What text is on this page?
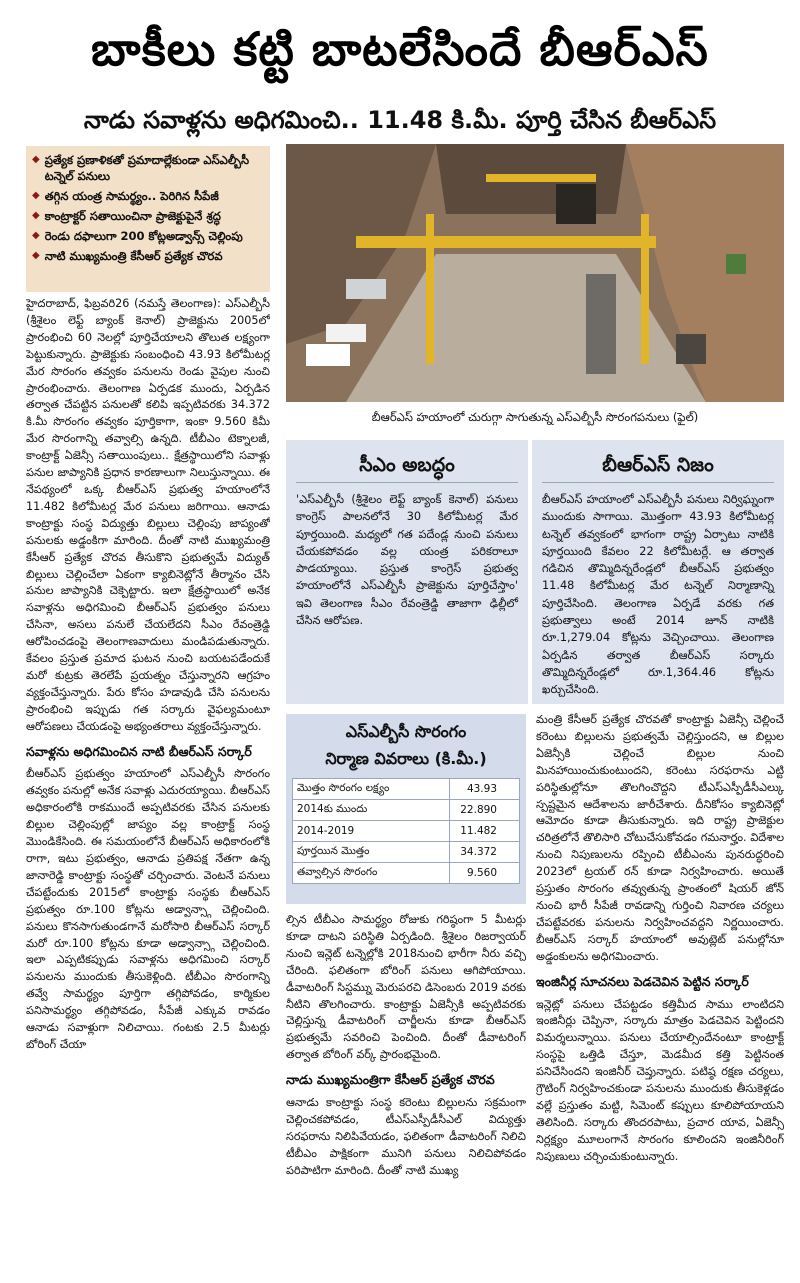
బాకీలు కట్టి బాటలేసిందే బీఆర్ఎస్
నాడు సవాళ్లను అధిగమించి.. 11.48 కి.మీ. పూర్తి చేసిన బీఆర్ఎస్
◆ ప్రత్యేక ప్రణాళికతో ప్రమాదాల్లేకుండా ఎస్ఎల్బీసీ టన్నెల్ పనులు
◆ తగ్గిన యంత్ర సామర్థ్యం.. పెరిగిన సీపేజీ
◆ కాంట్రాక్టర్ సతాయించినా ప్రాజెక్టుపైనే శ్రద్ధ
◆ రెండు దఫాలుగా 200 కోట్లఅడ్వాన్స్ చెల్లింపు
◆ నాటి ముఖ్యమంత్రి కేసీఆర్ ప్రత్యేక చొరవ

హైదరాబాద్, ఫిబ్రవరి26 (నమస్తే తెలంగాణ): ఎస్ఎల్బీసీ (శ్రీశైలం లెఫ్ట్ బ్యాంక్ కెనాల్) ప్రాజెక్టును 2005లో ప్రారంభించి 60 నెలల్లో పూర్తిచేయాలని తొలుత లక్ష్యంగా పెట్టుకున్నారు. ప్రాజెక్టుకు సంబంధించి 43.93 కిలోమీటర్ల మేర సొరంగం తవ్వకం పనులను రెండు వైపుల నుంచి ప్రారంభించారు. తెలంగాణ ఏర్పడక ముందు, ఏర్పడిన తర్వాత చేపట్టిన పనులతో కలిపి ఇప్పటివరకు 34.372 కి.మీ సొరంగం తవ్వకం పూర్తికాగా, ఇంకా 9.560 కిమీ మేర సొరంగాన్ని తవ్వాల్సి ఉన్నది. టీబీఎం టెక్నాలజీ, కాంట్రాక్ట్ ఏజెన్సీ సతాయింపులు.. క్షేత్రస్థాయిలోని సవాళ్లు పనుల జాప్యానికి ప్రధాన కారణాలుగా నిలుస్తున్నాయి. ఈ నేపథ్యంలో ఒక్క బీఆర్ఎస్ ప్రభుత్వ హయాంలోనే 11.482 కిలోమీటర్ల మేర పనులు జరిగాయి. ఆనాడు కాంట్రాక్టు సంస్థ విద్యుత్తు బిల్లులు చెల్లింపు జాప్యంతో పనులకు అడ్డంకిగా మారింది. దీంతో నాటి ముఖ్యమంత్రి కేసీఆర్ ప్రత్యేక చొరవ తీసుకొని ప్రభుత్వమే విద్యుత్ బిల్లులు చెల్లించేలా ఏకంగా క్యాబినెట్లోనే తీర్మానం చేసి పనుల జాప్యానికి చెక్పెట్టారు. ఇలా క్షేత్రస్థాయిలో అనేక సవాళ్లను అధిగమించి బీఆర్ఎస్ ప్రభుత్వం పనులు చేసినా, అసలు పనులే చేయలేదని సీఎం రేవంత్రెడ్డి ఆరోపించడంపై తెలంగాణవాదులు మండిపడుతున్నారు. కేవలం ప్రస్తుత ప్రమాద ఘటన నుంచి బయటపడేందుకే మరో కుట్రకు తెరలేపే ప్రయత్నం చేస్తున్నారని ఆగ్రహం వ్యక్తంచేస్తున్నారు. పేరు కోసం హడావుడి చేసి పనులను ప్రారంభించి ఇప్పుడు గత సర్కారు వైఫల్యమంటూ ఆరోపణలు చేయడంపై అభ్యంతరాలు వ్యక్తంచేస్తున్నారు.

సవాళ్లను అధిగమించిన నాటి బీఆర్ఎస్ సర్కార్

బీఆర్ఎస్ ప్రభుత్వం హయాంలో ఎస్ఎల్బీసీ సొరంగం తవ్వకం పనుల్లో అనేక సవాళ్లు ఎదురయ్యాయి. బీఆర్ఎస్ అధికారంలోకి రాకముందే అప్పటివరకు చేసిన పనులకు బిల్లుల చెల్లింపుల్లో జాప్యం వల్ల కాంట్రాక్ట్ సంస్థ మొండికేసింది. ఈ సమయంలోనే బీఆర్ఎస్ అధికారంలోకి రాగా, ఇటు ప్రభుత్వం, ఆనాడు ప్రతిపక్ష నేతగా ఉన్న జానారెడ్డి కాంట్రాక్టు సంస్థతో చర్చించారు. వెంటనే పనులు చేపట్టేందుకు 2015లో కాంట్రాక్టు సంస్థకు బీఆర్ఎస్ ప్రభుత్వం రూ.100 కోట్లను అడ్వాన్స్గా చెల్లించింది. పనులు కొనసాగుతుండగానే మరోసారి బీఆర్ఎస్ సర్కార్ మరో రూ.100 కోట్లను కూడా అడ్వాన్స్గా చెల్లించింది. ఇలా ఎప్పటికప్పుడు సవాళ్లను అధిగమించి సర్కార్ పనులను ముందుకు తీసుకెళ్లింది. టీబీఎం సొరంగాన్ని తవ్వే సామర్థ్యం పూర్తిగా తగ్గిపోవడం, కార్మికుల పనిసామర్థ్యం తగ్గిపోవడం, సీపేజీ ఎక్కువ రావడం ఆనాడు సవాళ్లుగా నిలిచాయి. గంటకు 2.5 మీటర్లు బోరింగ్ చేయా

బీఆర్ఎస్ హయాంలో చురుగ్గా సాగుతున్న ఎస్ఎల్బీసీ సొరంగపనులు (ఫైల్)
సీఎం అబద్ధం
'ఎస్ఎల్బీసీ (శ్రీశైలం లెఫ్ట్ బ్యాంక్ కెనాల్) పనులు కాంగ్రెస్ పాలనలోనే 30 కిలోమీటర్ల మేర పూర్తయింది. మధ్యలో గత పదేండ్ల నుంచి పనులు చేయకపోవడం వల్ల యంత్ర పరికరాలూ పాడయ్యాయి. ప్రస్తుత కాంగ్రెస్ ప్రభుత్వ హయాంలోనే ఎస్ఎల్బీసీ ప్రాజెక్టును పూర్తిచేస్తాం' ఇవి తెలంగాణ సీఎం రేవంత్రెడ్డి తాజాగా ఢిల్లీలో చేసిన ఆరోపణ.
బీఆర్ఎస్ నిజం
బీఆర్ఎస్ హయాంలో ఎస్ఎల్బీసీ పనులు నిర్విఘ్నంగా ముందుకు సాగాయి. మొత్తంగా 43.93 కిలోమీటర్ల టన్నెల్ తవ్వకంలో భాగంగా రాష్ట్ర ఏర్పాటు నాటికి పూర్తయింది కేవలం 22 కిలోమీటర్లే. ఆ తర్వాత గడిచిన తొమ్మిదిన్నరేండ్లలో బీఆర్ఎస్ ప్రభుత్వం 11.48 కిలోమీటర్ల మేర టన్నెల్ నిర్మాణాన్ని పూర్తిచేసింది. తెలంగాణ ఏర్పడే వరకు గత ప్రభుత్వాలు అంటే 2014 జూన్ నాటికి రూ.1,279.04 కోట్లను వెచ్చించాయి. తెలంగాణ ఏర్పడిన తర్వాత బీఆర్ఎస్ సర్కారు తొమ్మిదిన్నరేండ్లలో రూ.1,364.46 కోట్లను ఖర్చుచేసింది.
ఎస్ఎల్బీసీ సొరంగం
నిర్మాణ వివరాలు (కి.మీ.)
మొత్తం సొరంగం లక్ష్యం	43.93
2014కు ముందు	22.890
2014-2019	11.482
పూర్తయిన మొత్తం	34.372
తవ్వాల్సిన సొరంగం	9.560

ల్సిన టీబీఎం సామర్థ్యం రోజుకు గరిష్ఠంగా 5 మీటర్లు కూడా దాటని పరిస్థితి ఏర్పడింది. శ్రీశైలం రిజర్వాయర్ నుంచి ఇన్లెట్ టన్నెల్లోకి 2018నుంచి భారీగా నీరు వచ్చి చేరింది. ఫలితంగా బోరింగ్ పనులు ఆగిపోయాయి. డీవాటరింగ్ సిస్టమ్ను మెరుపరచి డిసెంబరు 2019 వరకు నీటిని తొలగించారు. కాంట్రాక్టు ఏజెన్సీకి అప్పటివరకు చెల్లిస్తున్న డీవాటరింగ్ చార్జీలను కూడా బీఆర్ఎస్ ప్రభుత్వమే సవరించి పెంచింది. దీంతో డీవాటరింగ్ తర్వాత బోరింగ్ వర్క్ ప్రారంభమైంది.

నాడు ముఖ్యమంత్రిగా కేసీఆర్ ప్రత్యేక చొరవ

ఆనాడు కాంట్రాక్టు సంస్థ కరెంటు బిల్లులను సక్రమంగా చెల్లించకపోవడం, టీఎస్ఎస్పీడీసీఎల్ విద్యుత్తు సరఫరాను నిలిపివేయడం, ఫలితంగా డీవాటరింగ్ నిలిచి టీబీఎం పాక్షికంగా మునిగి పనులు నిలిచిపోవడం పరిపాటిగా మారింది. దీంతో నాటి ముఖ్య

మంత్రి కేసీఆర్ ప్రత్యేక చొరవతో కాంట్రాక్టు ఏజెన్సీ చెల్లించే కరెంటు బిల్లులను ప్రభుత్వమే చెల్లిస్తుందని, ఆ బిల్లుల ఏజెన్సీకి చెల్లించే బిల్లుల నుంచి మినహాయించుకుంటుందని, కరెంటు సరఫరాను ఎట్టి పరిస్థితుల్లోనూ తొలగించొద్దని టీఎస్ఎస్పీడీసీఎల్కు స్పష్టమైన ఆదేశాలను జారీచేశారు. దీనికోసం క్యాబినెట్లో ఆమోదం కూడా తీసుకున్నారు. ఇది రాష్ట్ర ప్రాజెక్టుల చరిత్రలోనే తొలిసారి చోటుచేసుకోవడం గమనార్హం. విదేశాల నుంచి నిపుణులను రప్పించి టీబీఎంను పునరుద్ధరించి 2023లో ట్రయల్ రన్ కూడా నిర్వహించారు. అయితే ప్రస్తుతం సొరంగం తవ్వుతున్న ప్రాంతంలో షియర్ జోన్ నుంచి భారీ సీపేజీ రావడాన్ని గుర్తించి నివారణ చర్యలు చేపట్టేవరకు పనులను నిర్వహించవద్దని నిర్ణయించారు. బీఆర్ఎస్ సర్కార్ హయాంలో అవుట్లెట్ పనుల్లోనూ అడ్డంకులను అధిగమించారు.

ఇంజినీర్ల సూచనలు పెడచెవిన పెట్టిన సర్కార్

ఇన్లెట్లో పనులు చేపట్టడం కత్తిమీద సాము లాంటిదని ఇంజినీర్లు చెప్పినా, సర్కారు మాత్రం పెడచెవిన పెట్టిందని విమర్శలున్నాయి. పనులు చేయాల్సిందేనంటూ కాంట్రాక్ట్ సంస్థపై ఒత్తిడి చేస్తూ, మెడమీద కత్తి పెట్టినంత పనిచేసిందని ఇంజినీర్ చెప్తున్నారు. పటిష్ఠ రక్షణ చర్యలు, గ్రౌటింగ్ నిర్వహించకుండా పనులను ముందుకు తీసుకెళ్లడం వల్లే ప్రస్తుతం మట్టి, సిమెంట్ కప్పులు కూలిపోయాయని తెలిసింది. సర్కారు తొందరపాటు, ప్రచార యావ, ఏజెన్సీ నిర్లక్ష్యం మూలంగానే సొరంగం కూలిందని ఇంజినీరింగ్ నిపుణులు చర్చించుకుంటున్నారు.
